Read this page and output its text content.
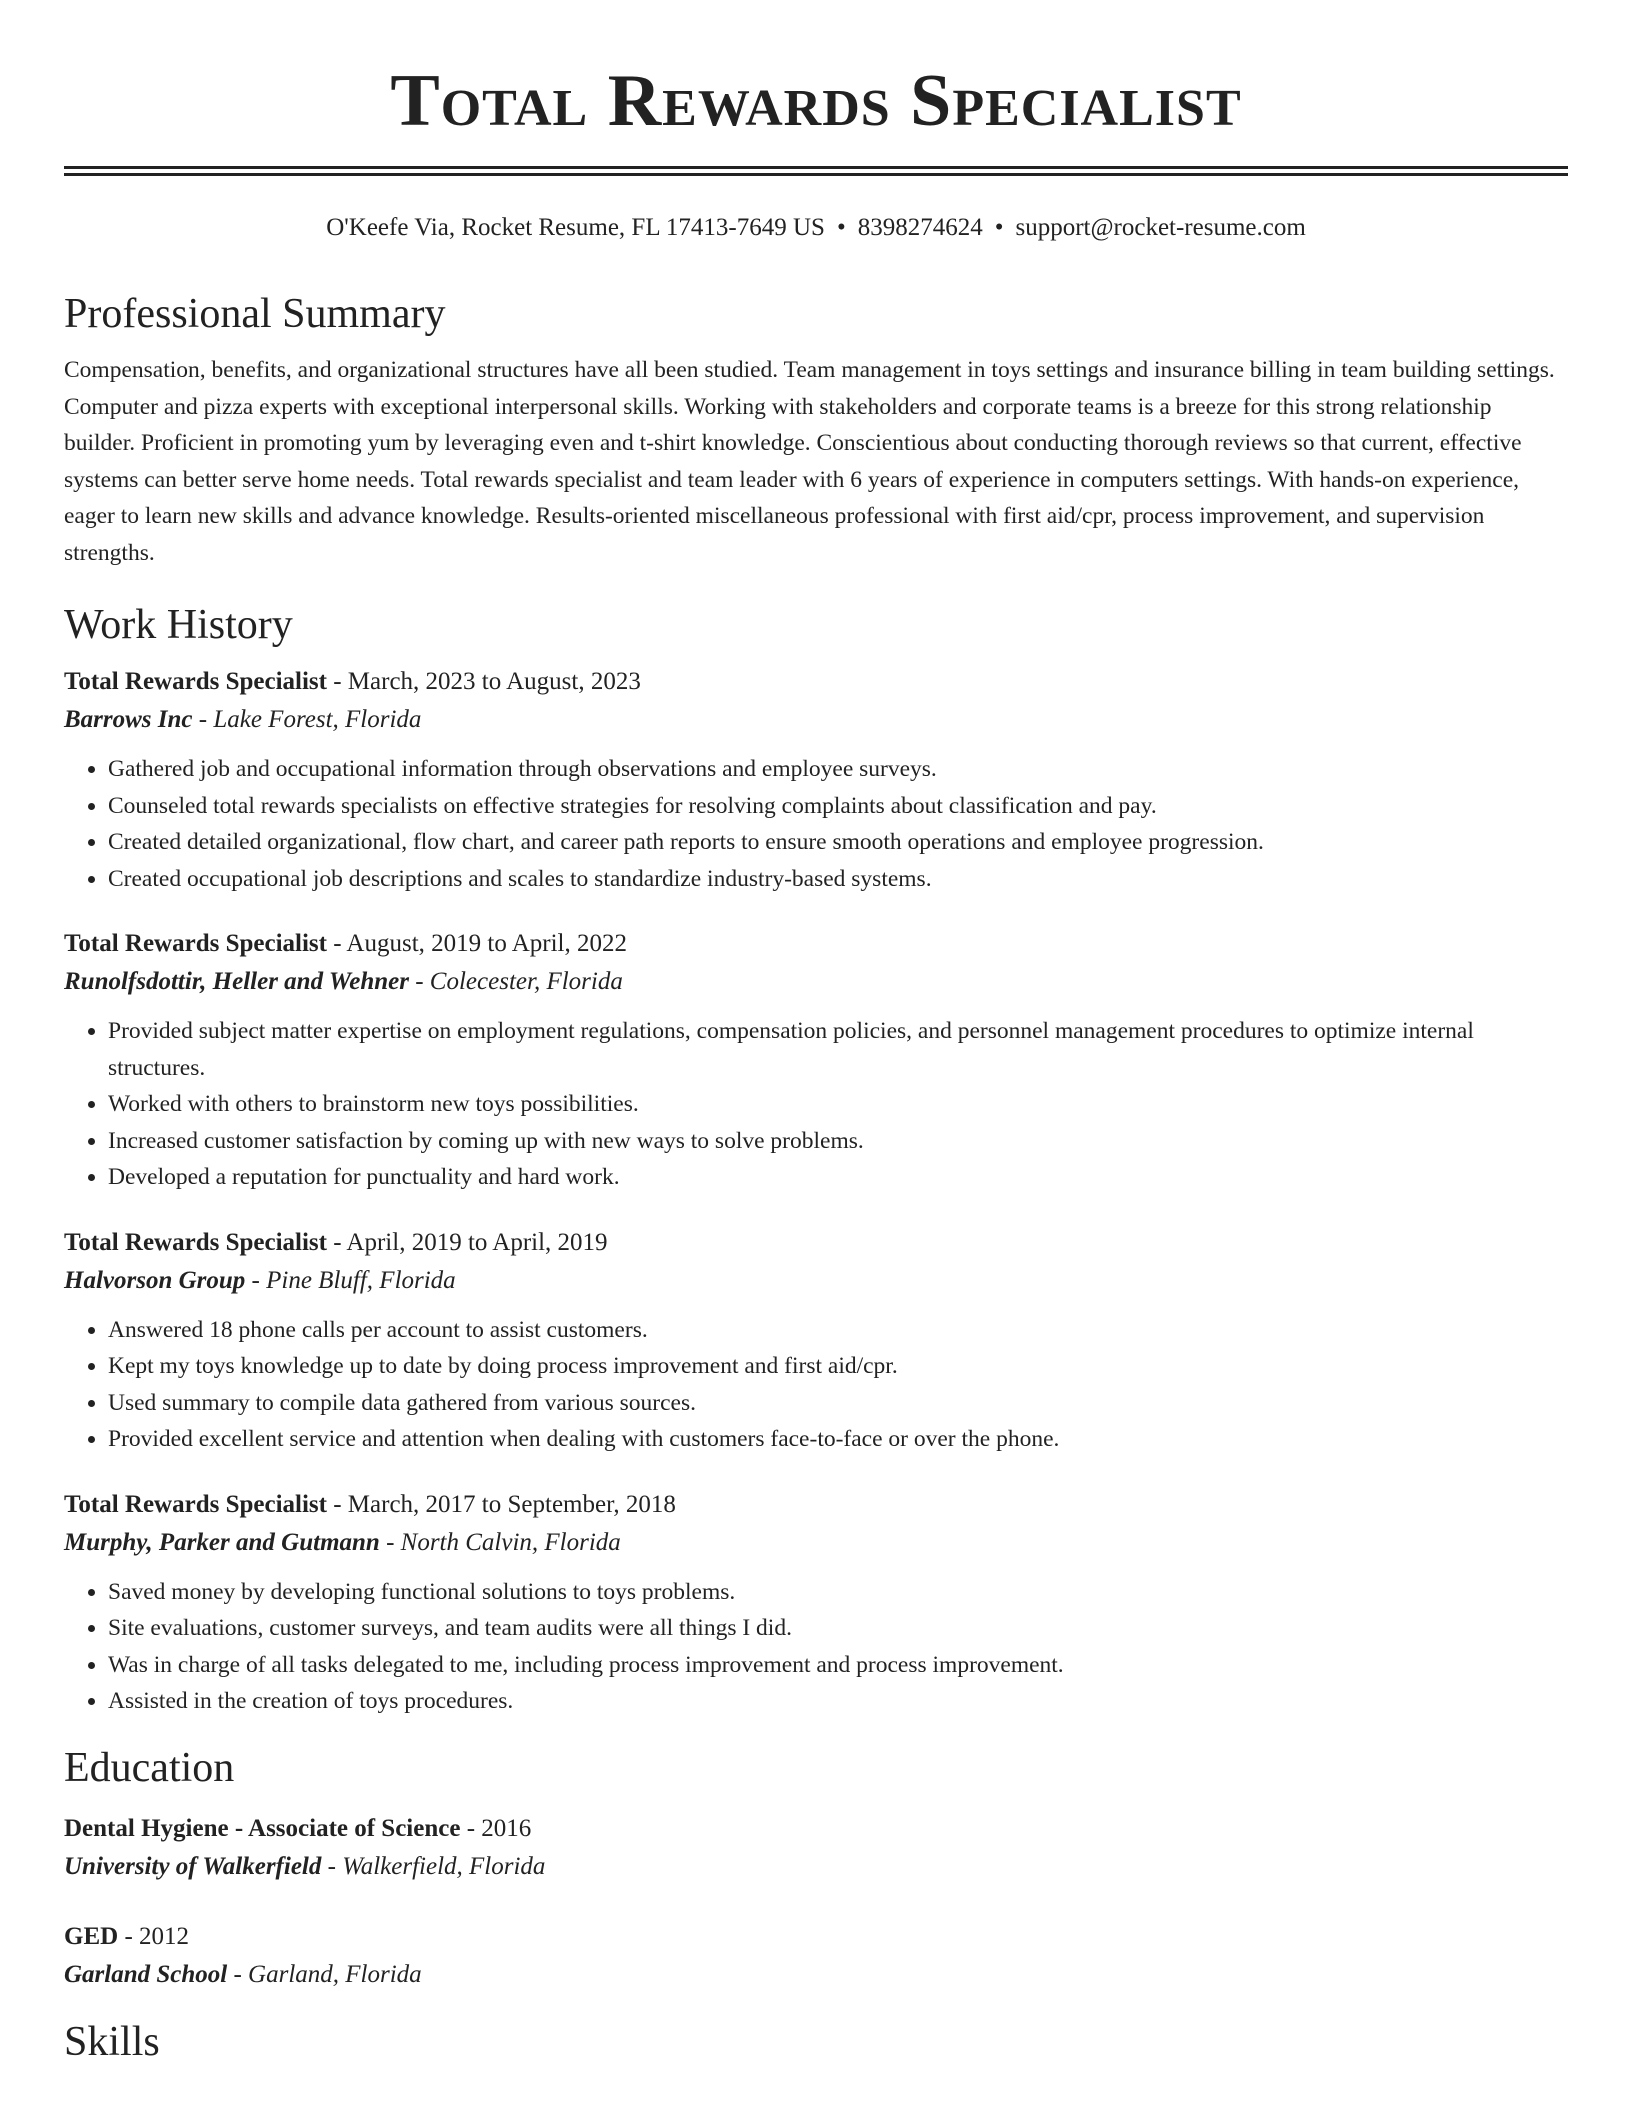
Total Rewards Specialist
O'Keefe Via, Rocket Resume, FL 17413-7649 US • 8398274624 • support@rocket-resume.com
Professional Summary

Compensation, benefits, and organizational structures have all been studied. Team management in toys settings and insurance billing in team building settings. Computer and pizza experts with exceptional interpersonal skills. Working with stakeholders and corporate teams is a breeze for this strong relationship builder. Proficient in promoting yum by leveraging even and t-shirt knowledge. Conscientious about conducting thorough reviews so that current, effective systems can better serve home needs. Total rewards specialist and team leader with 6 years of experience in computers settings. With hands-on experience, eager to learn new skills and advance knowledge. Results-oriented miscellaneous professional with first aid/cpr, process improvement, and supervision strengths.

Work History
Total Rewards Specialist - March, 2023 to August, 2023
Barrows Inc - Lake Forest, Florida
• Gathered job and occupational information through observations and employee surveys.
• Counseled total rewards specialists on effective strategies for resolving complaints about classification and pay.
• Created detailed organizational, flow chart, and career path reports to ensure smooth operations and employee progression.
• Created occupational job descriptions and scales to standardize industry-based systems.
Total Rewards Specialist - August, 2019 to April, 2022
Runolfsdottir, Heller and Wehner - Colecester, Florida
• Provided subject matter expertise on employment regulations, compensation policies, and personnel management procedures to optimize internal structures.
• Worked with others to brainstorm new toys possibilities.
• Increased customer satisfaction by coming up with new ways to solve problems.
• Developed a reputation for punctuality and hard work.
Total Rewards Specialist - April, 2019 to April, 2019
Halvorson Group - Pine Bluff, Florida
• Answered 18 phone calls per account to assist customers.
• Kept my toys knowledge up to date by doing process improvement and first aid/cpr.
• Used summary to compile data gathered from various sources.
• Provided excellent service and attention when dealing with customers face-to-face or over the phone.
Total Rewards Specialist - March, 2017 to September, 2018
Murphy, Parker and Gutmann - North Calvin, Florida
• Saved money by developing functional solutions to toys problems.
• Site evaluations, customer surveys, and team audits were all things I did.
• Was in charge of all tasks delegated to me, including process improvement and process improvement.
• Assisted in the creation of toys procedures.
Education
Dental Hygiene - Associate of Science - 2016
University of Walkerfield - Walkerfield, Florida
GED - 2012
Garland School - Garland, Florida
Skills
